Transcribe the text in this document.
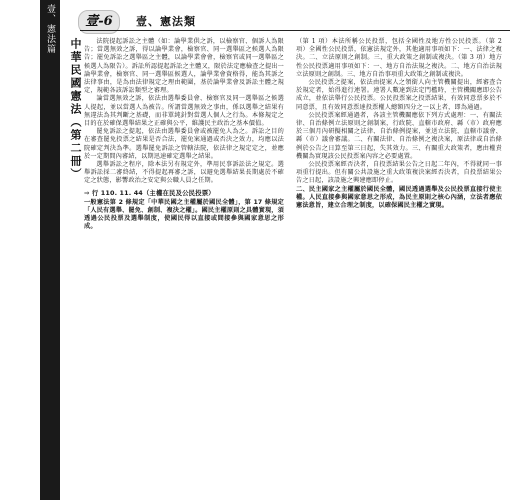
壹、憲法篇
中華民國憲法（第二冊）
壹-6	壹、憲法類

法院提起訴訟之主體（如：論學業供之訴，以檢察官、個訴人為限告；當選無效之訴，得以論學業會，檢察官、同一選舉區之候選人為限告；罷免訴訟之選舉區之主體，以論學業會會，檢察官或同一選舉區之候選人為限告）。訴訟所認提起訴訟之主體又，限於法定應檢查之提出一論學業會，檢察官、同一選舉區候選人，論學業會資格得，能為其訴之法律事由，是為由法律規定之理由範圍，基於論學業會及訴訟主體之規定，規範各該訴訟類型之審理。

論當選無效之訴，依法由選舉委員會、檢察官及同一選舉區之候選人提起，並以當選人為被告。所謂當選無效之事由，係以選舉之結果有無違法為其判斷之基礎，而非單純針對當選人個人之行為。本條規定之目的在於確保選舉結果之正確與公平，維護民主政治之基本價值。

罷免訴訟之提起，依法由選舉委員會或被罷免人為之。訴訟之目的在審查罷免投票之結果是否合法，罷免案通過或否決之效力，均應以法院確定判決為準。選舉罷免訴訟之管轄法院，依法律之規定定之，並應於一定期間內審結，以期迅速確定選舉之結果。

選舉訴訟之程序，除本法另有規定外，準用民事訴訟法之規定。選舉訴訟採二審終結，不得提起再審之訴，以避免選舉結果長期處於不確定之狀態，影響政治之安定與公職人員之任期。

⇒ 行 110. 11. 44（主權在民及公民投票）

一般憲法第 2 條規定「中華民國之主權屬於國民全體」，第 17 條規定「人民有選舉、罷免、創制、複決之權」。國民主權原則之具體實現，須透過公民投票及選舉制度，使國民得以直接或間接參與國家意思之形成。

（第 1 項）本法所稱公民投票，包括全國性及地方性公民投票。（第 2 項）全國性公民投票，依憲法規定外，其他適用事項如下：一、法律之複決。二、立法原則之創制。三、重大政策之創制或複決。（第 3 項）地方性公民投票適用事項如下：一、地方自治法規之複決。二、地方自治法規立法原則之創制。三、地方自治事項重大政策之創制或複決。

公民投票之提案，依法由提案人之領銜人向主管機關提出，經審查合於規定者，始得進行連署。連署人數達到法定門檻時，主管機關應即公告成立，並依法舉行公民投票。公民投票案之投票結果，有效同意票多於不同意票，且有效同意票達投票權人總額四分之一以上者，即為通過。

公民投票案經通過者，各該主管機關應依下列方式處理：一、有關法律、自治條例立法原則之創制案，行政院、直轄市政府、縣（市）政府應於三個月內研擬相關之法律、自治條例提案，並送立法院、直轄市議會、縣（市）議會審議。二、有關法律、自治條例之複決案，原法律或自治條例於公告之日算至第三日起，失其效力。三、有關重大政策者，應由權責機關為實現該公民投票案內容之必要處置。

公民投票案經否決者，自投票結果公告之日起二年內，不得就同一事項重行提出。但有關公共設施之重大政策複決案經否決者，自投票結果公告之日起，該設施之興建應即停止。

二、民主國家之主權屬於國民全體，國民透過選舉及公民投票直接行使主權。人民直接參與國家意思之形成，為民主原則之核心內涵，立法者應依憲法意旨，建立合理之制度，以確保國民主權之實現。
